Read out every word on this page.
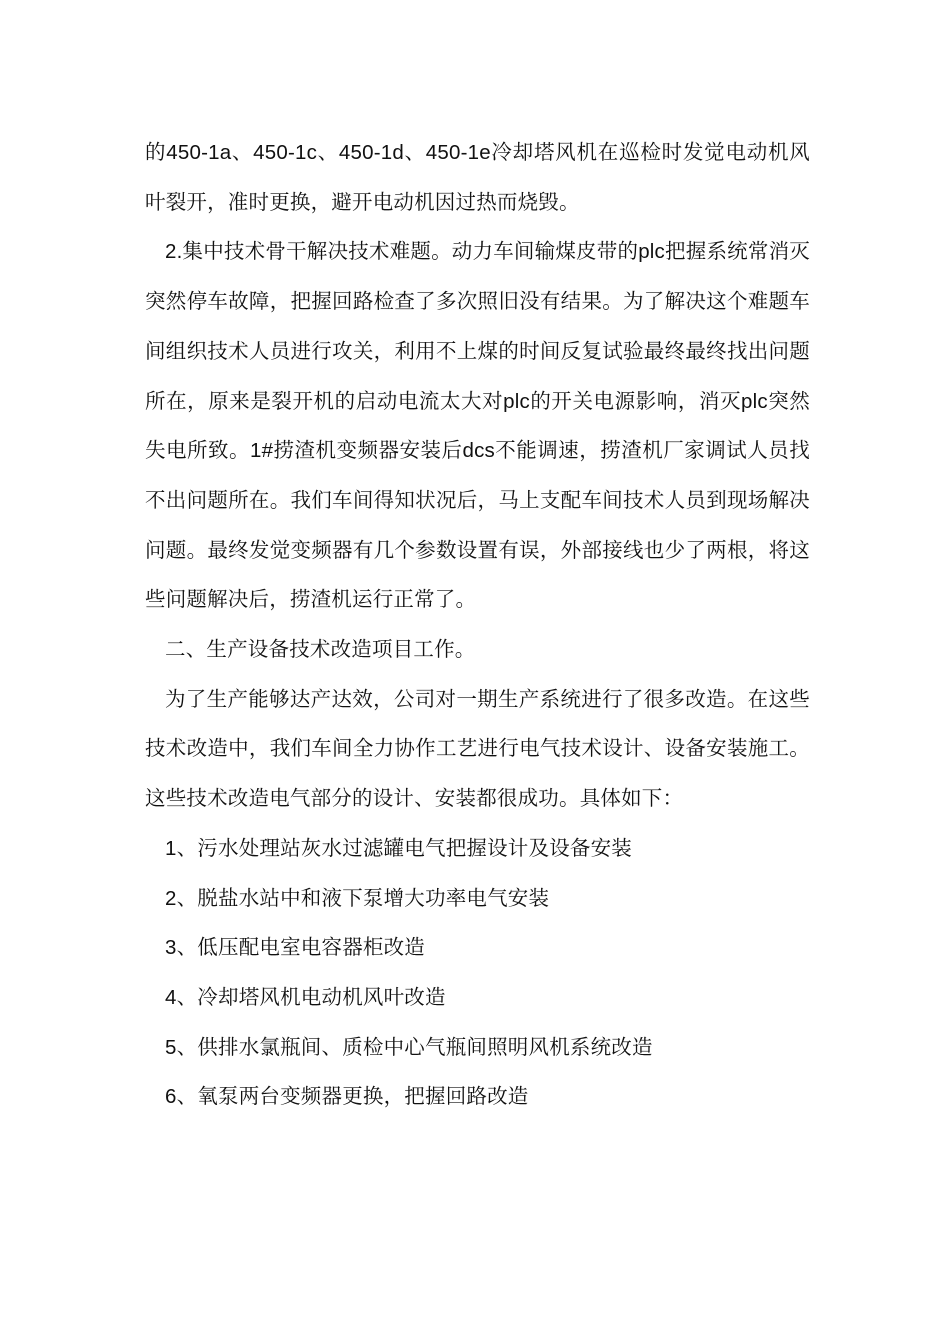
的450-1a、450-1c、450-1d、450-1e冷却塔风机在巡检时发觉电动机风叶裂开，准时更换，避开电动机因过热而烧毁。

2.集中技术骨干解决技术难题。动力车间输煤皮带的plc把握系统常消灭突然停车故障，把握回路检查了多次照旧没有结果。为了解决这个难题车间组织技术人员进行攻关，利用不上煤的时间反复试验最终最终找出问题所在，原来是裂开机的启动电流太大对plc的开关电源影响，消灭plc突然失电所致。1#捞渣机变频器安装后dcs不能调速，捞渣机厂家调试人员找不出问题所在。我们车间得知状况后，马上支配车间技术人员到现场解决问题。最终发觉变频器有几个参数设置有误，外部接线也少了两根，将这些问题解决后，捞渣机运行正常了。

二、生产设备技术改造项目工作。

为了生产能够达产达效，公司对一期生产系统进行了很多改造。在这些技术改造中，我们车间全力协作工艺进行电气技术设计、设备安装施工。这些技术改造电气部分的设计、安装都很成功。具体如下：

1、污水处理站灰水过滤罐电气把握设计及设备安装

2、脱盐水站中和液下泵增大功率电气安装

3、低压配电室电容器柜改造

4、冷却塔风机电动机风叶改造

5、供排水氯瓶间、质检中心气瓶间照明风机系统改造

6、氧泵两台变频器更换，把握回路改造
